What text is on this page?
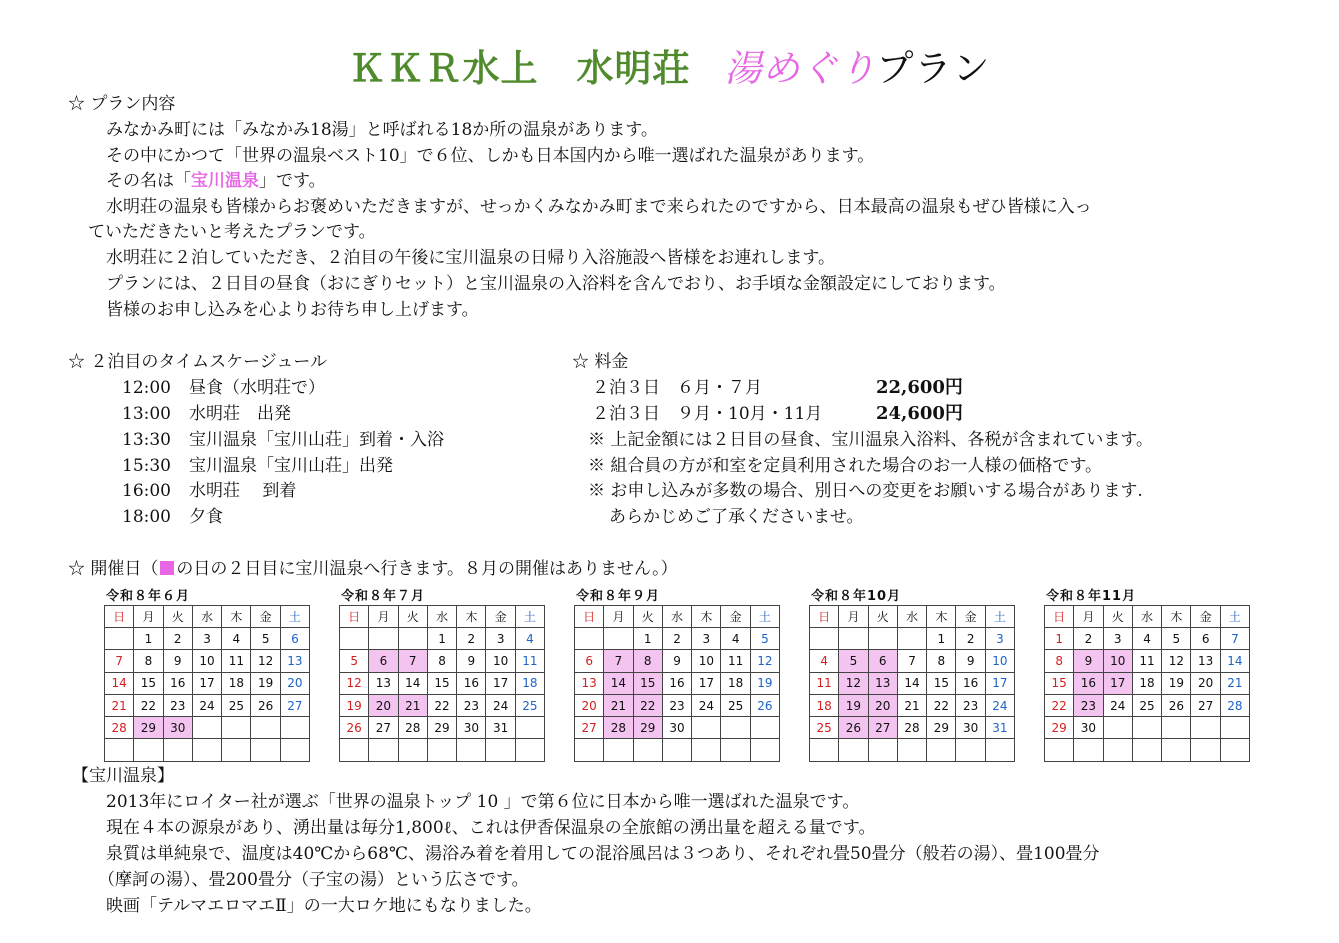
ＫＫＲ水上　水明荘 湯めぐりプラン
☆ プラン内容
みなかみ町には「みなかみ18湯」と呼ばれる18か所の温泉があります。
その中にかつて「世界の温泉ベスト10」で６位、しかも日本国内から唯一選ばれた温泉があります。
その名は「宝川温泉」です。
水明荘の温泉も皆様からお褒めいただきますが、せっかくみなかみ町まで来られたのですから、日本最高の温泉もぜひ皆様に入っ
ていただきたいと考えたプランです。
水明荘に２泊していただき、２泊目の午後に宝川温泉の日帰り入浴施設へ皆様をお連れします。
プランには、２日目の昼食（おにぎりセット）と宝川温泉の入浴料を含んでおり、お手頃な金額設定にしております。
皆様のお申し込みを心よりお待ち申し上げます。
☆ ２泊目のタイムスケージュール
12:00 昼食（水明荘で）
13:00 水明荘　出発
13:30 宝川温泉「宝川山荘」到着・入浴
15:30 宝川温泉「宝川山荘」出発
16:00 水明荘　 到着
18:00 夕食
☆ 料金
２泊３日　６月・７月	22,600円
２泊３日　９月・10月・11月	24,600円
※ 上記金額には２日目の昼食、宝川温泉入浴料、各税が含まれています。
※ 組合員の方が和室を定員利用された場合のお一人様の価格です。
※ お申し込みが多数の場合、別日への変更をお願いする場合があります.
あらかじめご了承くださいませ。
☆ 開催日（ の日の２日目に宝川温泉へ行きます。８月の開催はありません。）
令和８年６月
日	月	火	水	木	金	土
	1	2	3	4	5	6
7	8	9	10	11	12	13
14	15	16	17	18	19	20
21	22	23	24	25	26	27
28	29	30				

令和８年７月
日	月	火	水	木	金	土
			1	2	3	4
5	6	7	8	9	10	11
12	13	14	15	16	17	18
19	20	21	22	23	24	25
26	27	28	29	30	31	

令和８年９月
日	月	火	水	木	金	土
		1	2	3	4	5
6	7	8	9	10	11	12
13	14	15	16	17	18	19
20	21	22	23	24	25	26
27	28	29	30			

令和８年10月
日	月	火	水	木	金	土
				1	2	3
4	5	6	7	8	9	10
11	12	13	14	15	16	17
18	19	20	21	22	23	24
25	26	27	28	29	30	31

令和８年11月
日	月	火	水	木	金	土
1	2	3	4	5	6	7
8	9	10	11	12	13	14
15	16	17	18	19	20	21
22	23	24	25	26	27	28
29	30					

【宝川温泉】
2013年にロイター社が選ぶ「世界の温泉トップ 10 」で第６位に日本から唯一選ばれた温泉です。
現在４本の源泉があり、湧出量は毎分1,800ℓ、これは伊香保温泉の全旅館の湧出量を超える量です。
泉質は単純泉で、温度は40℃から68℃、湯浴み着を着用しての混浴風呂は３つあり、それぞれ畳50畳分（般若の湯）、畳100畳分
（摩訶の湯）、畳200畳分（子宝の湯）という広さです。
映画「テルマエロマエⅡ」の一大ロケ地にもなりました。
